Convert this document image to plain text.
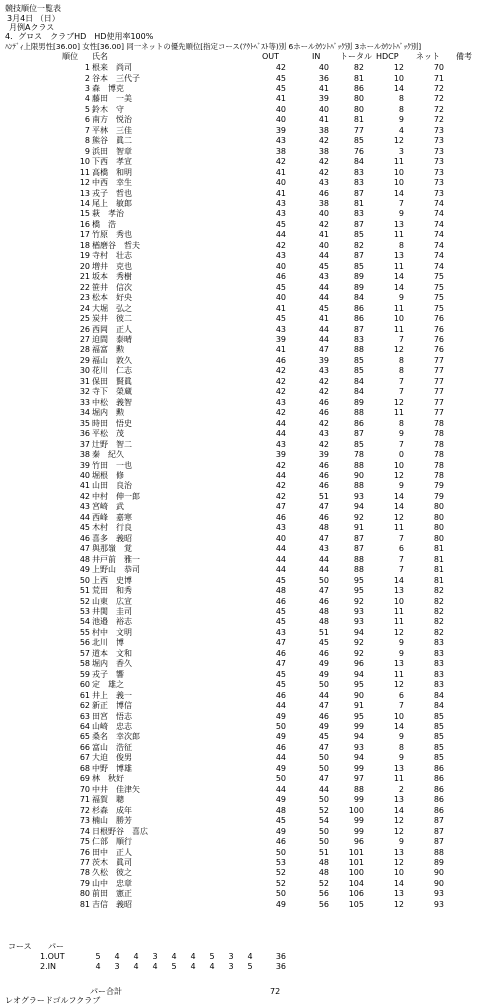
競技順位一覧表
3月4日 （日）
月例Aクラス
4．グロス　クラブHD　HD使用率100%
ﾊﾝﾃﾞｨ上限男性[36.00] 女性[36.00] 同一ネットの優先順位[指定コース(ｱｳﾄﾍﾞｽﾄ等)別 6ホールｶｳﾝﾄﾊﾞｯｸ別 3ホールｶｳﾝﾄﾊﾞｯｸ別]
順位 氏名	OUT	IN トータル HDCP ネット 備考
1 根来　尚司	42	40	82	12	70
2 谷本　三代子	45	36	81	10	71
3 森　博克	45	41	86	14	72
4 藤田　一美	41	39	80	8	72
5 鈴木　守	40	40	80	8	72
6 南方　悦治	40	41	81	9	72
7 平林　三佳	39	38	77	4	73
8 熊谷　眞二	43	42	85	12	73
9 浜田　智章	38	38	76	3	73
10 下西　孝宣	42	42	84	11	73
11 高橋　和明	41	42	83	10	73
12 中西　幸生	40	43	83	10	73
13 戎子　哲也	41	46	87	14	73
14 尾上　敏郎	43	38	81	7	74
15 萩　孝治	43	40	83	9	74
16 橋　浩	45	42	87	13	74
17 竹原　秀也	44	41	85	11	74
18 楢磨谷　哲夫	42	40	82	8	74
19 寺村　壮志	43	44	87	13	74
20 増井　克也	40	45	85	11	74
21 坂本　秀樹	46	43	89	14	75
22 笹井　信次	45	44	89	14	75
23 松本　好央	40	44	84	9	75
24 大堀　弘之	41	45	86	11	75
25 炭井　彼二	45	41	86	10	76
26 西岡　正人	43	44	87	11	76
27 迫間　泰晴	39	44	83	7	76
28 福富　勲	41	47	88	12	76
29 福山　敦久	46	39	85	8	77
30 花川　仁志	42	43	85	8	77
31 保田　賢眞	42	42	84	7	77
32 寺下　榮蔵	42	42	84	7	77
33 中松　義智	43	46	89	12	77
34 堀内　勲	42	46	88	11	77
35 時田　悟史	44	42	86	8	78
36 平松　茂	44	43	87	9	78
37 辻野　智二	43	42	85	7	78
38 秦　紀久	39	39	78	0	78
39 竹田　一也	42	46	88	10	78
40 堀根　修	44	46	90	12	78
41 山田　良治	42	46	88	9	79
42 中村　伸一郎	42	51	93	14	79
43 宮崎　武	47	47	94	14	80
44 西峰　嘉寒	46	46	92	12	80
45 木村　行良	43	48	91	11	80
46 喜多　義昭	40	47	87	7	80
47 與那嶺　覚	44	43	87	6	81
48 井戸前　雅一	44	44	88	7	81
49 上野山　恭司	44	44	88	7	81
50 上西　史博	45	50	95	14	81
51 荒田　和秀	48	47	95	13	82
52 山東　広宣	46	46	92	10	82
53 井関　圭司	45	48	93	11	82
54 池邉　裕志	45	48	93	11	82
55 村中　文明	43	51	94	12	82
56 北川　博	47	45	92	9	83
57 道本　文和	46	46	92	9	83
58 堀内　香久	47	49	96	13	83
59 戎子　響	45	49	94	11	83
60 定　雄之	45	50	95	12	83
61 井上　義一	46	44	90	6	84
62 新正　博信	44	47	91	7	84
63 田宮　悟志	49	46	95	10	85
64 山崎　忠志	50	49	99	14	85
65 桑名　幸次郎	49	45	94	9	85
66 富山　浩征	46	47	93	8	85
67 大迫　俊男	44	50	94	9	85
68 中野　博雄	49	50	99	13	86
69 林　秋好	50	47	97	11	86
70 中井　佳津矢	44	44	88	2	86
71 福賀　聰	49	50	99	13	86
72 杉森　成年	48	52	100	14	86
73 楠山　勝芳	45	54	99	12	87
74 日根野谷　喜広	49	50	99	12	87
75 仁部　順行	46	50	96	9	87
76 田中　正人	50	51	101	13	88
77 茨木　眞司	53	48	101	12	89
78 久松　彼之	52	48	100	10	90
79 山中　忠章	52	52	104	14	90
80 前田　憲正	50	56	106	13	93
81 吉信　義昭	49	56	105	12	93
コース パー
1.OUT	5	4	4	3	4	4	5	3	4	36
2.IN	4	3	4	4	5	4	4	3	5	36
パー合計	72
レオグラードゴルフクラブ
